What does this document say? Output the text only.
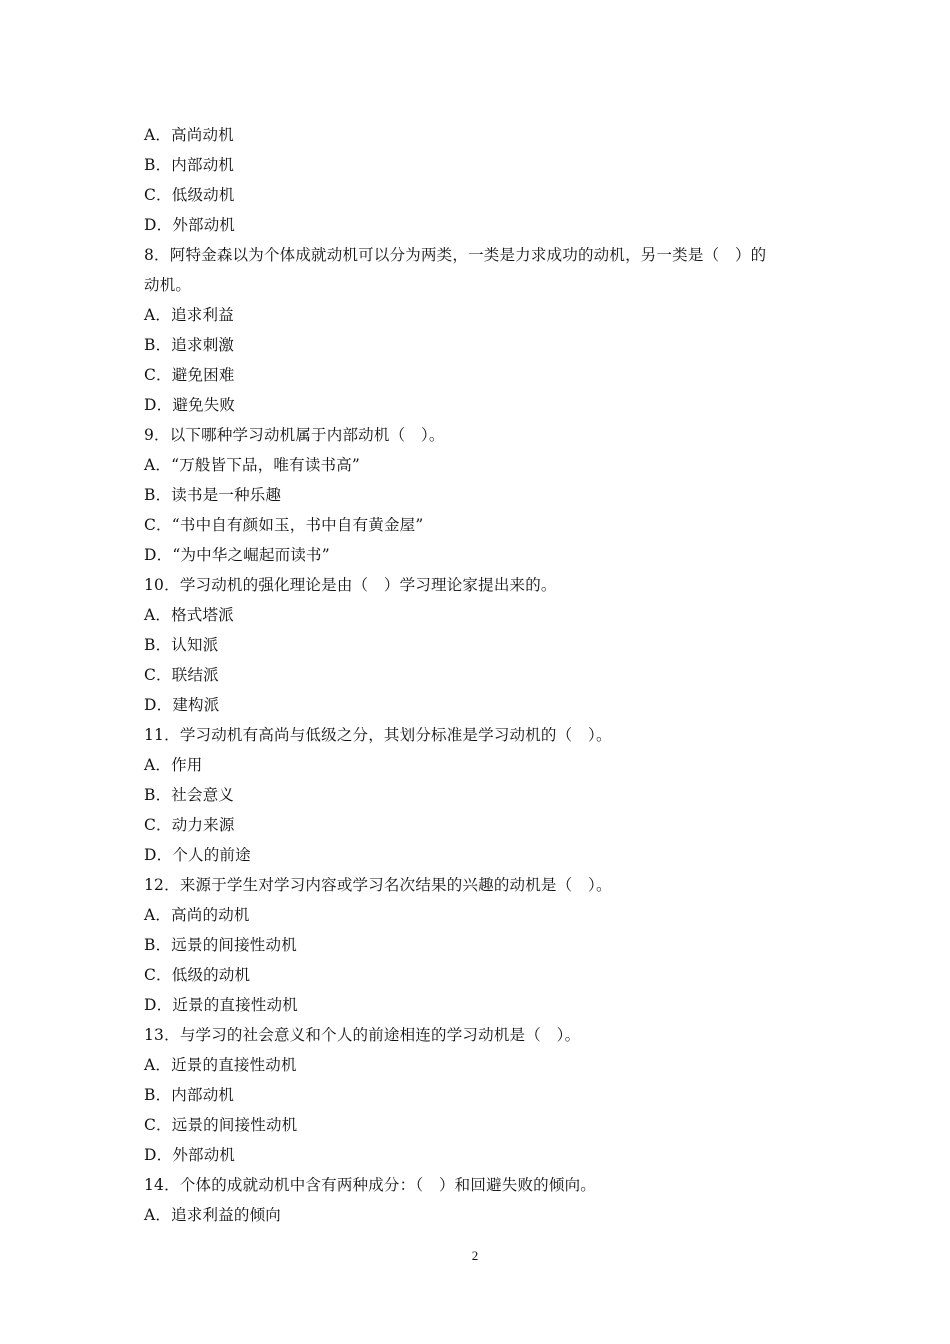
A．高尚动机
B．内部动机
C．低级动机
D．外部动机
8．阿特金森以为个体成就动机可以分为两类，一类是力求成功的动机，另一类是（　）的
动机。
A．追求利益
B．追求刺激
C．避免困难
D．避免失败
9．以下哪种学习动机属于内部动机（　）。
A．“万般皆下品，唯有读书高”
B．读书是一种乐趣
C．“书中自有颜如玉，书中自有黄金屋”
D．“为中华之崛起而读书”
10．学习动机的强化理论是由（　）学习理论家提出来的。
A．格式塔派
B．认知派
C．联结派
D．建构派
11．学习动机有高尚与低级之分，其划分标准是学习动机的（　）。
A．作用
B．社会意义
C．动力来源
D．个人的前途
12．来源于学生对学习内容或学习名次结果的兴趣的动机是（　）。
A．高尚的动机
B．远景的间接性动机
C．低级的动机
D．近景的直接性动机
13．与学习的社会意义和个人的前途相连的学习动机是（　）。
A．近景的直接性动机
B．内部动机
C．远景的间接性动机
D．外部动机
14．个体的成就动机中含有两种成分：（　）和回避失败的倾向。
A．追求利益的倾向
2
